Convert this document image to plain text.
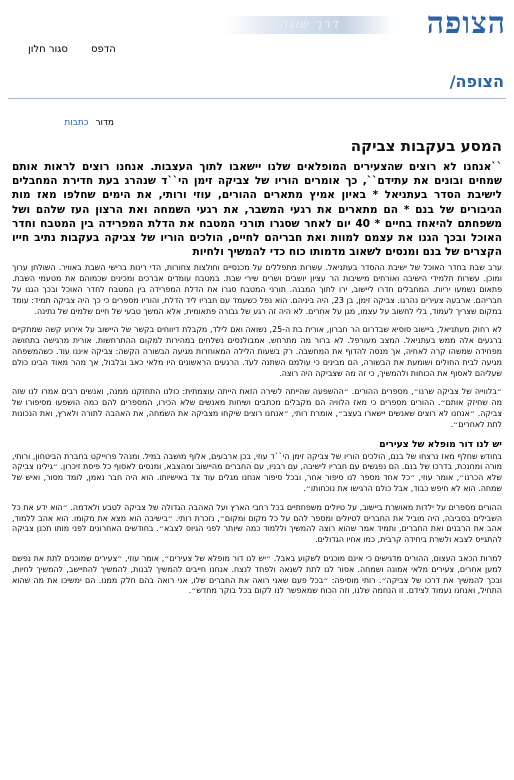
הצופה
דרך שונה
הדפס סגור חלון
הצופה/
מדור כתבות
המסע בעקבות צביקה

``אנחנו לא רוצים שהצעירים המופלאים שלנו יישאבו לתוך העצבות. אנחנו רוצים לראות אותם שמחים ובונים את עתידם``, כך אומרים הוריו של צביקה זימן הי``ד שנהרג בעת חדירת המחבלים לישיבת הסדר בעתניאל * באיון אמיץ מתארים ההורים, עוזי ורותי, את הימים שחלפו מאז מות הגיבורים של בנם * הם מתארים את רגעי המשבר, את רגעי השמחה ואת הרצון העז שלהם ושל משפחתם להיאחז בחיים * 40 יום לאחר שסגרו תורני המטבח את הדלת המפרידה בין המטבח וחדר האוכל ובכך הגנו את עצמם למוות ואת חבריהם לחיים, הולכים הוריו של צביקה בעקבות נתיב חייו הקצרים של בנם ומנסים לשאוב מדמותו כוח כדי להמשיך ולחיות

ערב שבת בחדר האוכל של ישיבת ההסדר בעתניאל. עשרות מתפללים על מכנסיים וחולצות צחורות, הדי רינות ברישי השבת באוויר. השולחן ערוך ומוכן. עשרות תלמידי הישיבה ואורחים מישיבות הר עציון יושבים ושרים שירי שבת. במטבח עומדים אברכים ומכינים שכמוהם את מטעמי השבת. פתאום נשמעו יריות. המחבלים חדרו ליישוב, ירו לתוך המבנה. תורני המטבח סגרו את הדלת המפרידה בין המטבח לחדר האוכל ובכך הגנו על חבריהם. ארבעה צעירים נהרגו. צביקה זימן, בן 23, היה ביניהם. הוא נפל כשעמד עם חבריו ליד הדלת, והוריו מספרים כי כך היה צביקה תמיד: עומד במקום שצריך לעמוד, בלי לחשוב על עצמו, מגן על אחרים. לא היה זה רגע של גבורה פתאומית, אלא המשך טבעי של חיים שלמים של נתינה.

לא רחוק מעתניאל, ביישוב סוסיא שבדרום הר חברון, אורית בת ה-25, נשואה ואם לילד, מקבלת דיווחים בקשר של היישוב על אירוע קשה שמתקיים ברגעים אלה ממש בעתניאל. המצב מעורפל. לא ברור מה מתרחש. אמבולנסים נשלחים במהירות למקום ההתרחשות. אורית מרגישה בתחושה מפחידה שמשהו קרה לאחיה, אך מנסה להדוף את המחשבה. רק בשעות הלילה המאוחרות מגיעה הבשורה הקשה: צביקה איננו עוד. כשהמשפחה מגיעה לבית החולים ושומעת את הבשורה, הם מבינים כי עולמם השתנה לעד. הרגעים הראשונים היו מלאי כאב ובלבול, אך מהר מאוד הבינו כולם שעליהם לאסוף את הכוחות ולהמשיך, כי זה מה שצביקה היה רוצה.

״בלווייה של צביקה שרנו״, מספרים ההורים. ״ההשפעה שהייתה לשירה הזאת הייתה עוצמתית: כולנו התחזקנו ממנה, ואנשים רבים אמרו לנו שזה מה שחיזק אותם״. ההורים מספרים כי מאז הלוויה הם מקבלים מכתבים ושיחות מאנשים שלא הכירו, המספרים להם כמה הושפעו מסיפורו של צביקה. ״אנחנו לא רוצים שאנשים יישארו בעצב״, אומרת רותי, ״אנחנו רוצים שיקחו מצביקה את השמחה, את האהבה לתורה ולארץ, ואת הנכונות לתת לאחרים״.

יש לנו דור מופלא של צעירים

בחודש שחלף מאז נרצחו של בנם, הולכים הוריו של צביקה זימן הי``ד עוזי, בכן ארבעים, אלוף מושבה במיל. ומנהל פרוייקט בחברת הביטחון, ורותי, מורה ומחנכת, בדרכו של בנם. הם נפגשים עם חבריו לישיבה, עם רבניו, עם החברים מהיישוב ומהצבא, ומנסים לאסוף כל פיסת זיכרון. ״גילינו צביקה שלא הכרנו״, אומר עוזי, ״כל אחד מספר לנו סיפור אחר, ובכל סיפור אנחנו מגלים עוד צד באישיותו. הוא היה חבר נאמן, לומד מסור, ואיש של שמחה. הוא לא חיפש כבוד, אבל כולם הרגישו את נוכחותו״.

ההורים מספרים על ילדות מאושרת ביישוב, על טיולים משפחתיים בכל רחבי הארץ ועל האהבה הגדולה של צביקה לטבע ולאדמה. ״הוא ידע את כל השבילים בסביבה, היה מוביל את החברים לטיולים ומספר להם על כל מקום ומקום״, נזכרת רותי. ״בישיבה הוא מצא את מקומו. הוא אהב ללמוד, אהב את הרבנים ואת החברים, ותמיד אמר שהוא רוצה להמשיך וללמוד כמה שיותר לפני הגיוס לצבא״. בחודשים האחרונים לפני מותו תכנן צביקה להתגייס לצבא ולשרת ביחידה קרבית, כמו אחיו הגדולים.

למרות הכאב העצום, ההורים מדגישים כי אינם מוכנים לשקוע באבל. ״יש לנו דור מופלא של צעירים״, אומר עוזי, ״צעירים שמוכנים לתת את נפשם למען אחרים, צעירים מלאי אמונה ושמחה. אסור לנו לתת לשנאה ולפחד לנצח. אנחנו חייבים להמשיך לבנות, להמשיך להתיישב, להמשיך לחיות, ובכך להמשיך את דרכו של צביקה״. רותי מוסיפה: ״בכל פעם שאני רואה את החברים שלו, אני רואה בהם חלק ממנו. הם ימשיכו את מה שהוא התחיל, ואנחנו נעמוד לצידם. זו הנחמה שלנו, וזה הכוח שמאפשר לנו לקום בכל בוקר מחדש״.
